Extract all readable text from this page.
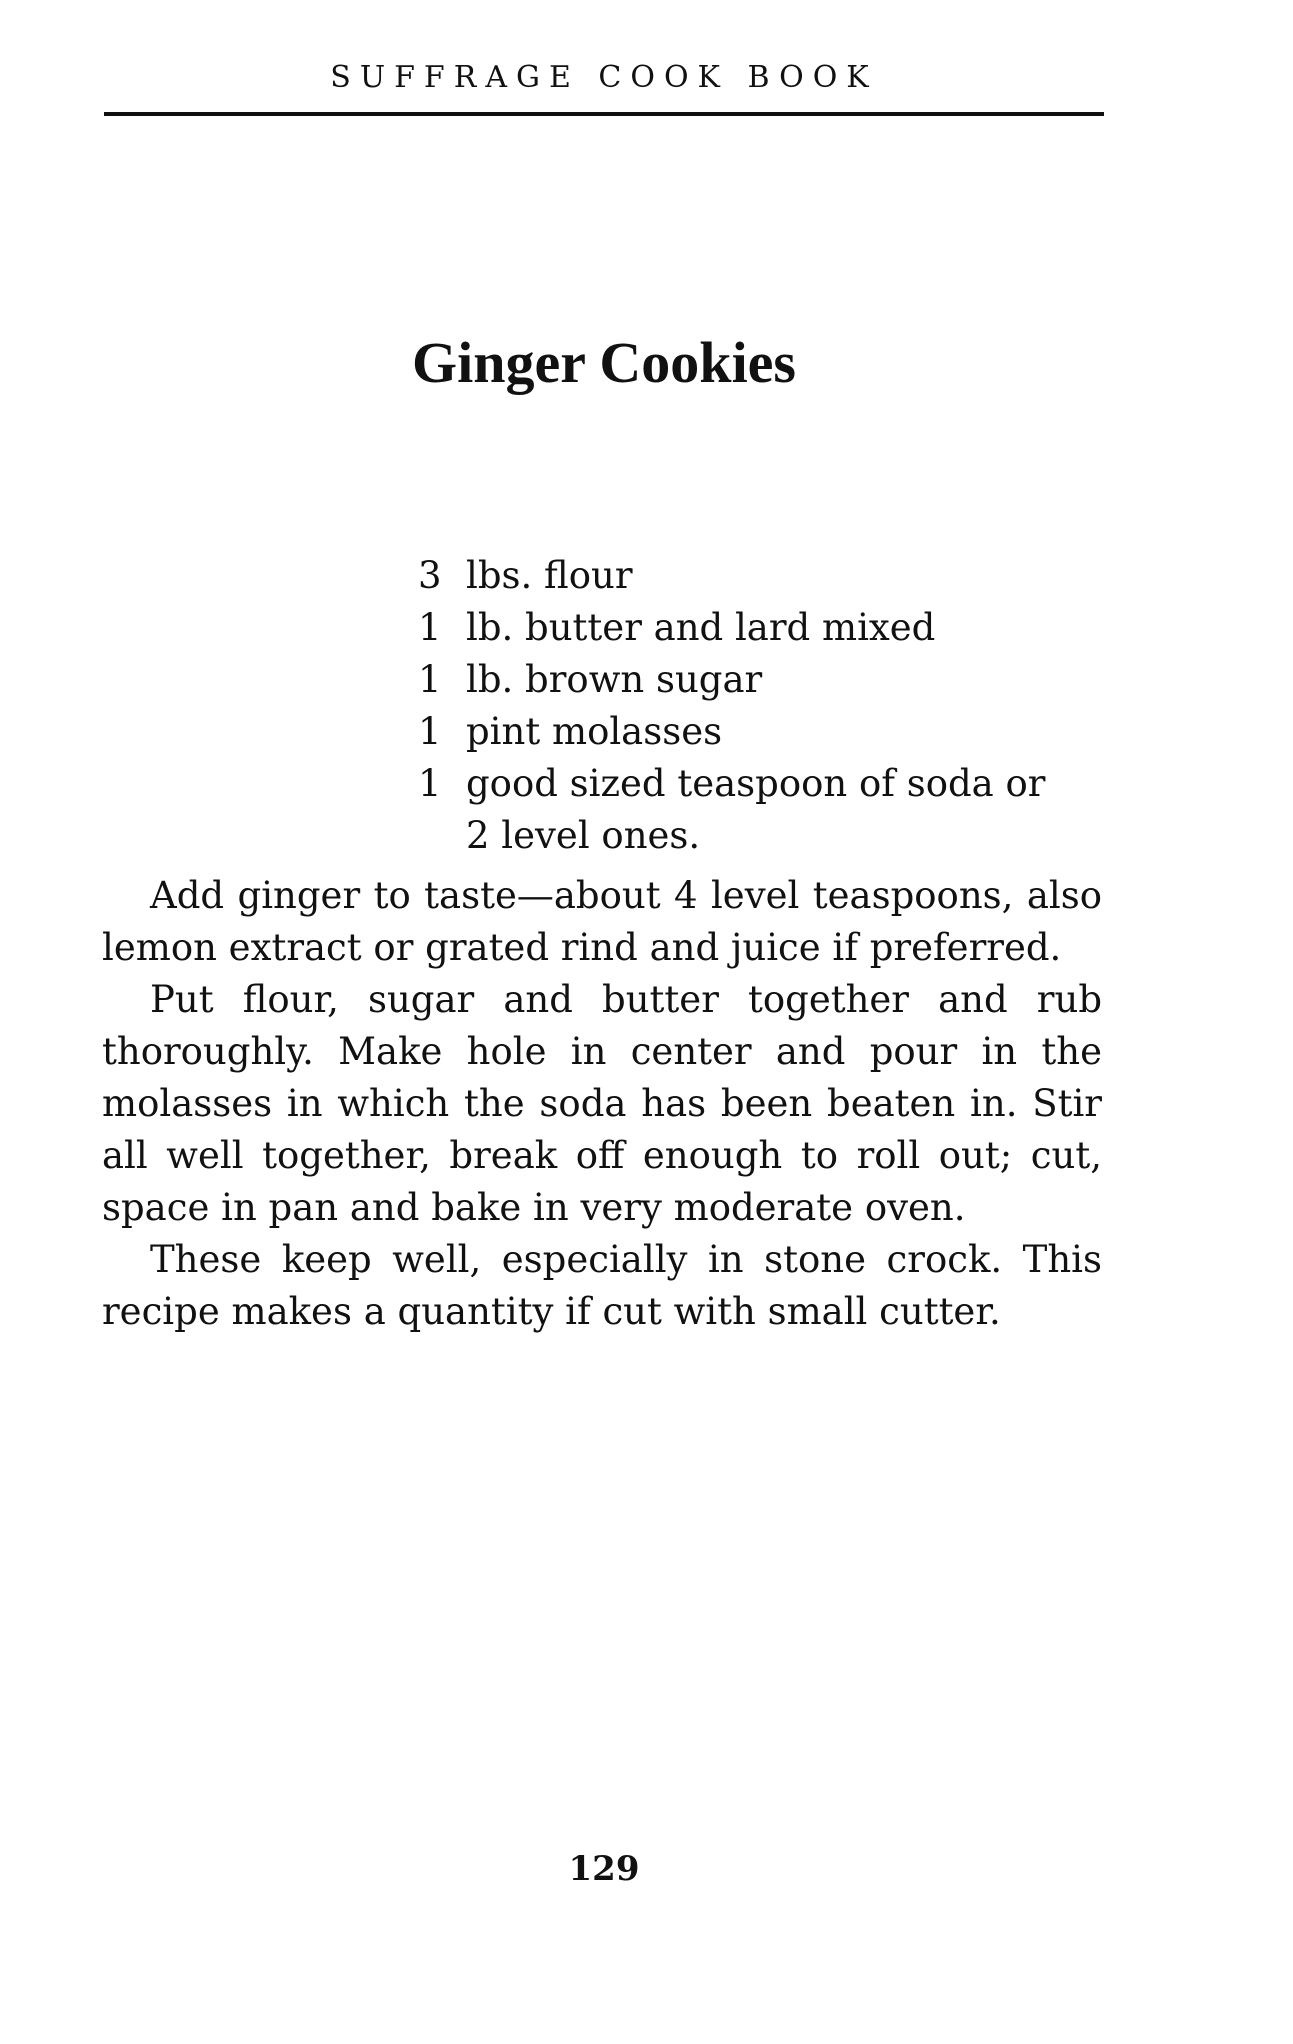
SUFFRAGE COOK BOOK
Ginger Cookies
3 lbs. flour
1 lb. butter and lard mixed
1 lb. brown sugar
1 pint molasses
1 good sized teaspoon of soda or
2 level ones.

Add ginger to taste—about 4 level teaspoons, also lemon extract or grated rind and juice if preferred.

Put flour, sugar and butter together and rub thoroughly. Make hole in center and pour in the molasses in which the soda has been beaten in. Stir all well together, break off enough to roll out; cut, space in pan and bake in very moderate oven.

These keep well, especially in stone crock. This recipe makes a quantity if cut with small cutter.

129
